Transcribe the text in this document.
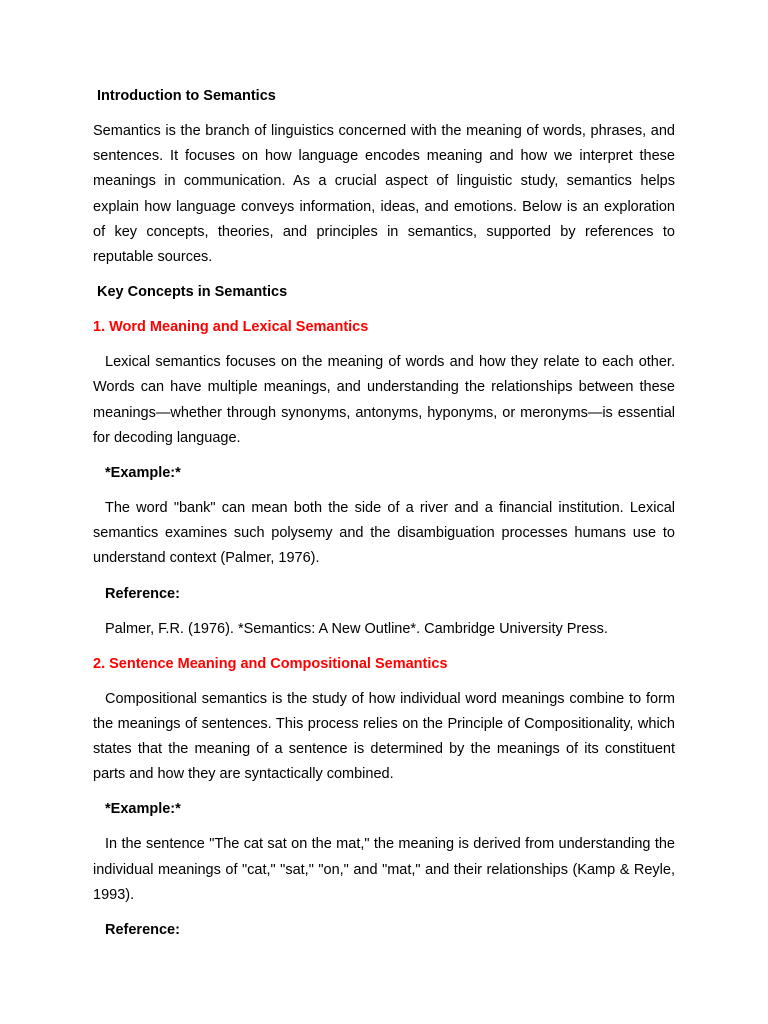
Introduction to Semantics
Semantics is the branch of linguistics concerned with the meaning of words, phrases, and sentences. It focuses on how language encodes meaning and how we interpret these meanings in communication. As a crucial aspect of linguistic study, semantics helps explain how language conveys information, ideas, and emotions. Below is an exploration of key concepts, theories, and principles in semantics, supported by references to reputable sources.
Key Concepts in Semantics
1. Word Meaning and Lexical Semantics
Lexical semantics focuses on the meaning of words and how they relate to each other. Words can have multiple meanings, and understanding the relationships between these meanings—whether through synonyms, antonyms, hyponyms, or meronyms—is essential for decoding language.
*Example:*
The word "bank" can mean both the side of a river and a financial institution. Lexical semantics examines such polysemy and the disambiguation processes humans use to understand context (Palmer, 1976).
Reference:
Palmer, F.R. (1976). *Semantics: A New Outline*. Cambridge University Press.
2. Sentence Meaning and Compositional Semantics
Compositional semantics is the study of how individual word meanings combine to form the meanings of sentences. This process relies on the Principle of Compositionality, which states that the meaning of a sentence is determined by the meanings of its constituent parts and how they are syntactically combined.
*Example:*
In the sentence "The cat sat on the mat," the meaning is derived from understanding the individual meanings of "cat," "sat," "on," and "mat," and their relationships (Kamp & Reyle, 1993).
Reference:
